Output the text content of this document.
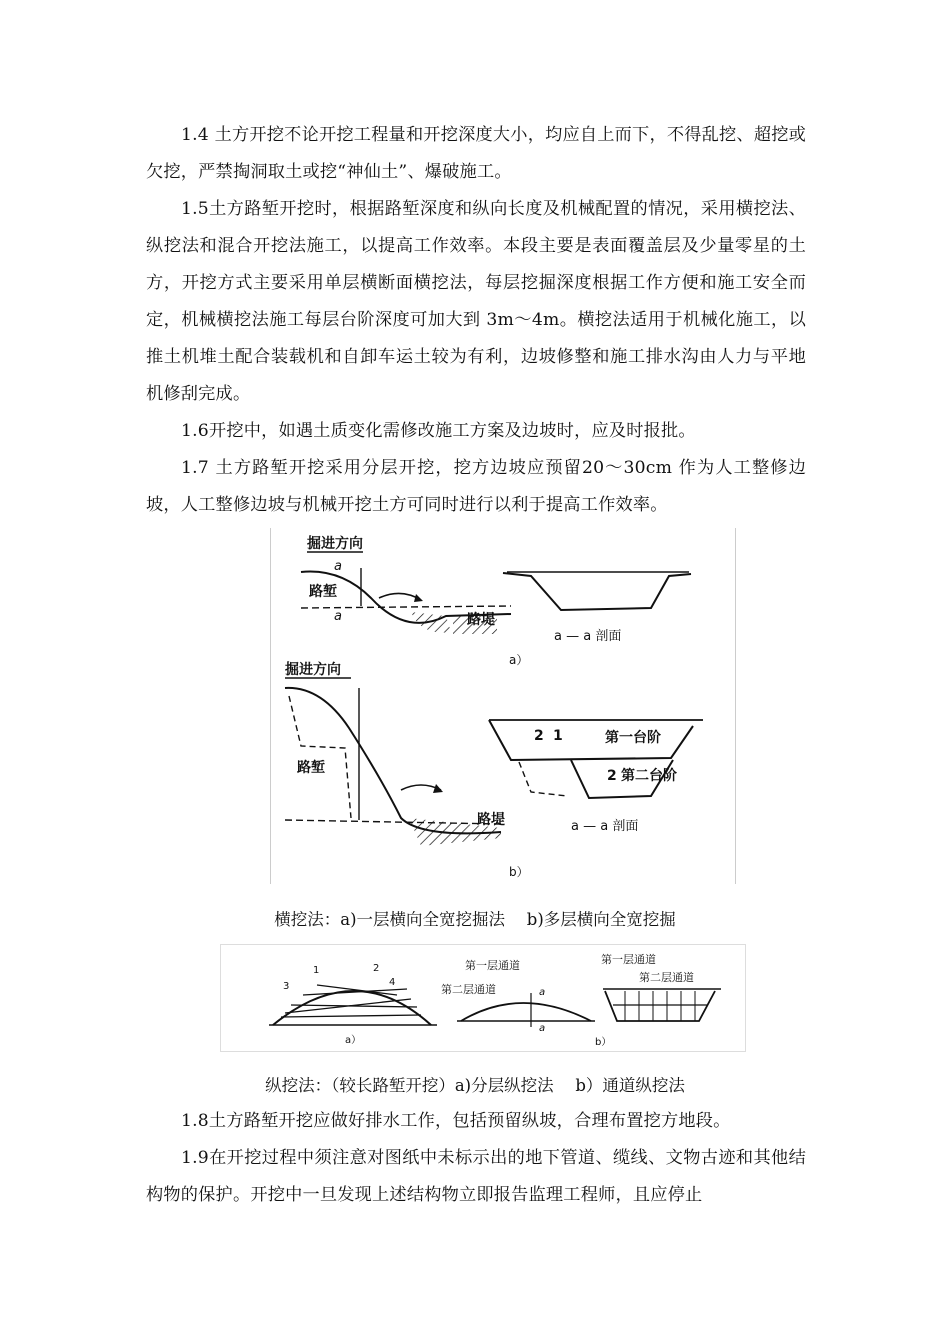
1.4 土方开挖不论开挖工程量和开挖深度大小，均应自上而下，不得乱挖、超挖或欠挖，严禁掏洞取土或挖“神仙土”、爆破施工。

1.5土方路堑开挖时，根据路堑深度和纵向长度及机械配置的情况，采用横挖法、纵挖法和混合开挖法施工，以提高工作效率。本段主要是表面覆盖层及少量零星的土方，开挖方式主要采用单层横断面横挖法，每层挖掘深度根据工作方便和施工安全而定，机械横挖法施工每层台阶深度可加大到 3m～4m。横挖法适用于机械化施工，以推土机堆土配合装载机和自卸车运土较为有利，边坡修整和施工排水沟由人力与平地机修刮完成。

1.6开挖中，如遇土质变化需修改施工方案及边坡时，应及时报批。

1.7 土方路堑开挖采用分层开挖，挖方边坡应预留20～30cm 作为人工整修边坡，人工整修边坡与机械开挖土方可同时进行以利于提高工作效率。

掘进方向
a
路堑
a	路堤
a — a 剖面
a）
掘进方向
路堑
路堤
2 1	第一台阶
2 第二台阶
a — a 剖面
b）

横挖法：a)一层横向全宽挖掘法　 b)多层横向全宽挖掘

1	2
3	4
a）
第一层通道
第二层通道	a
a
第一层通道
第二层通道
b）

纵挖法：（较长路堑开挖）a)分层纵挖法　 b）通道纵挖法

1.8土方路堑开挖应做好排水工作，包括预留纵坡，合理布置挖方地段。

1.9在开挖过程中须注意对图纸中未标示出的地下管道、缆线、文物古迹和其他结构物的保护。开挖中一旦发现上述结构物立即报告监理工程师，且应停止
